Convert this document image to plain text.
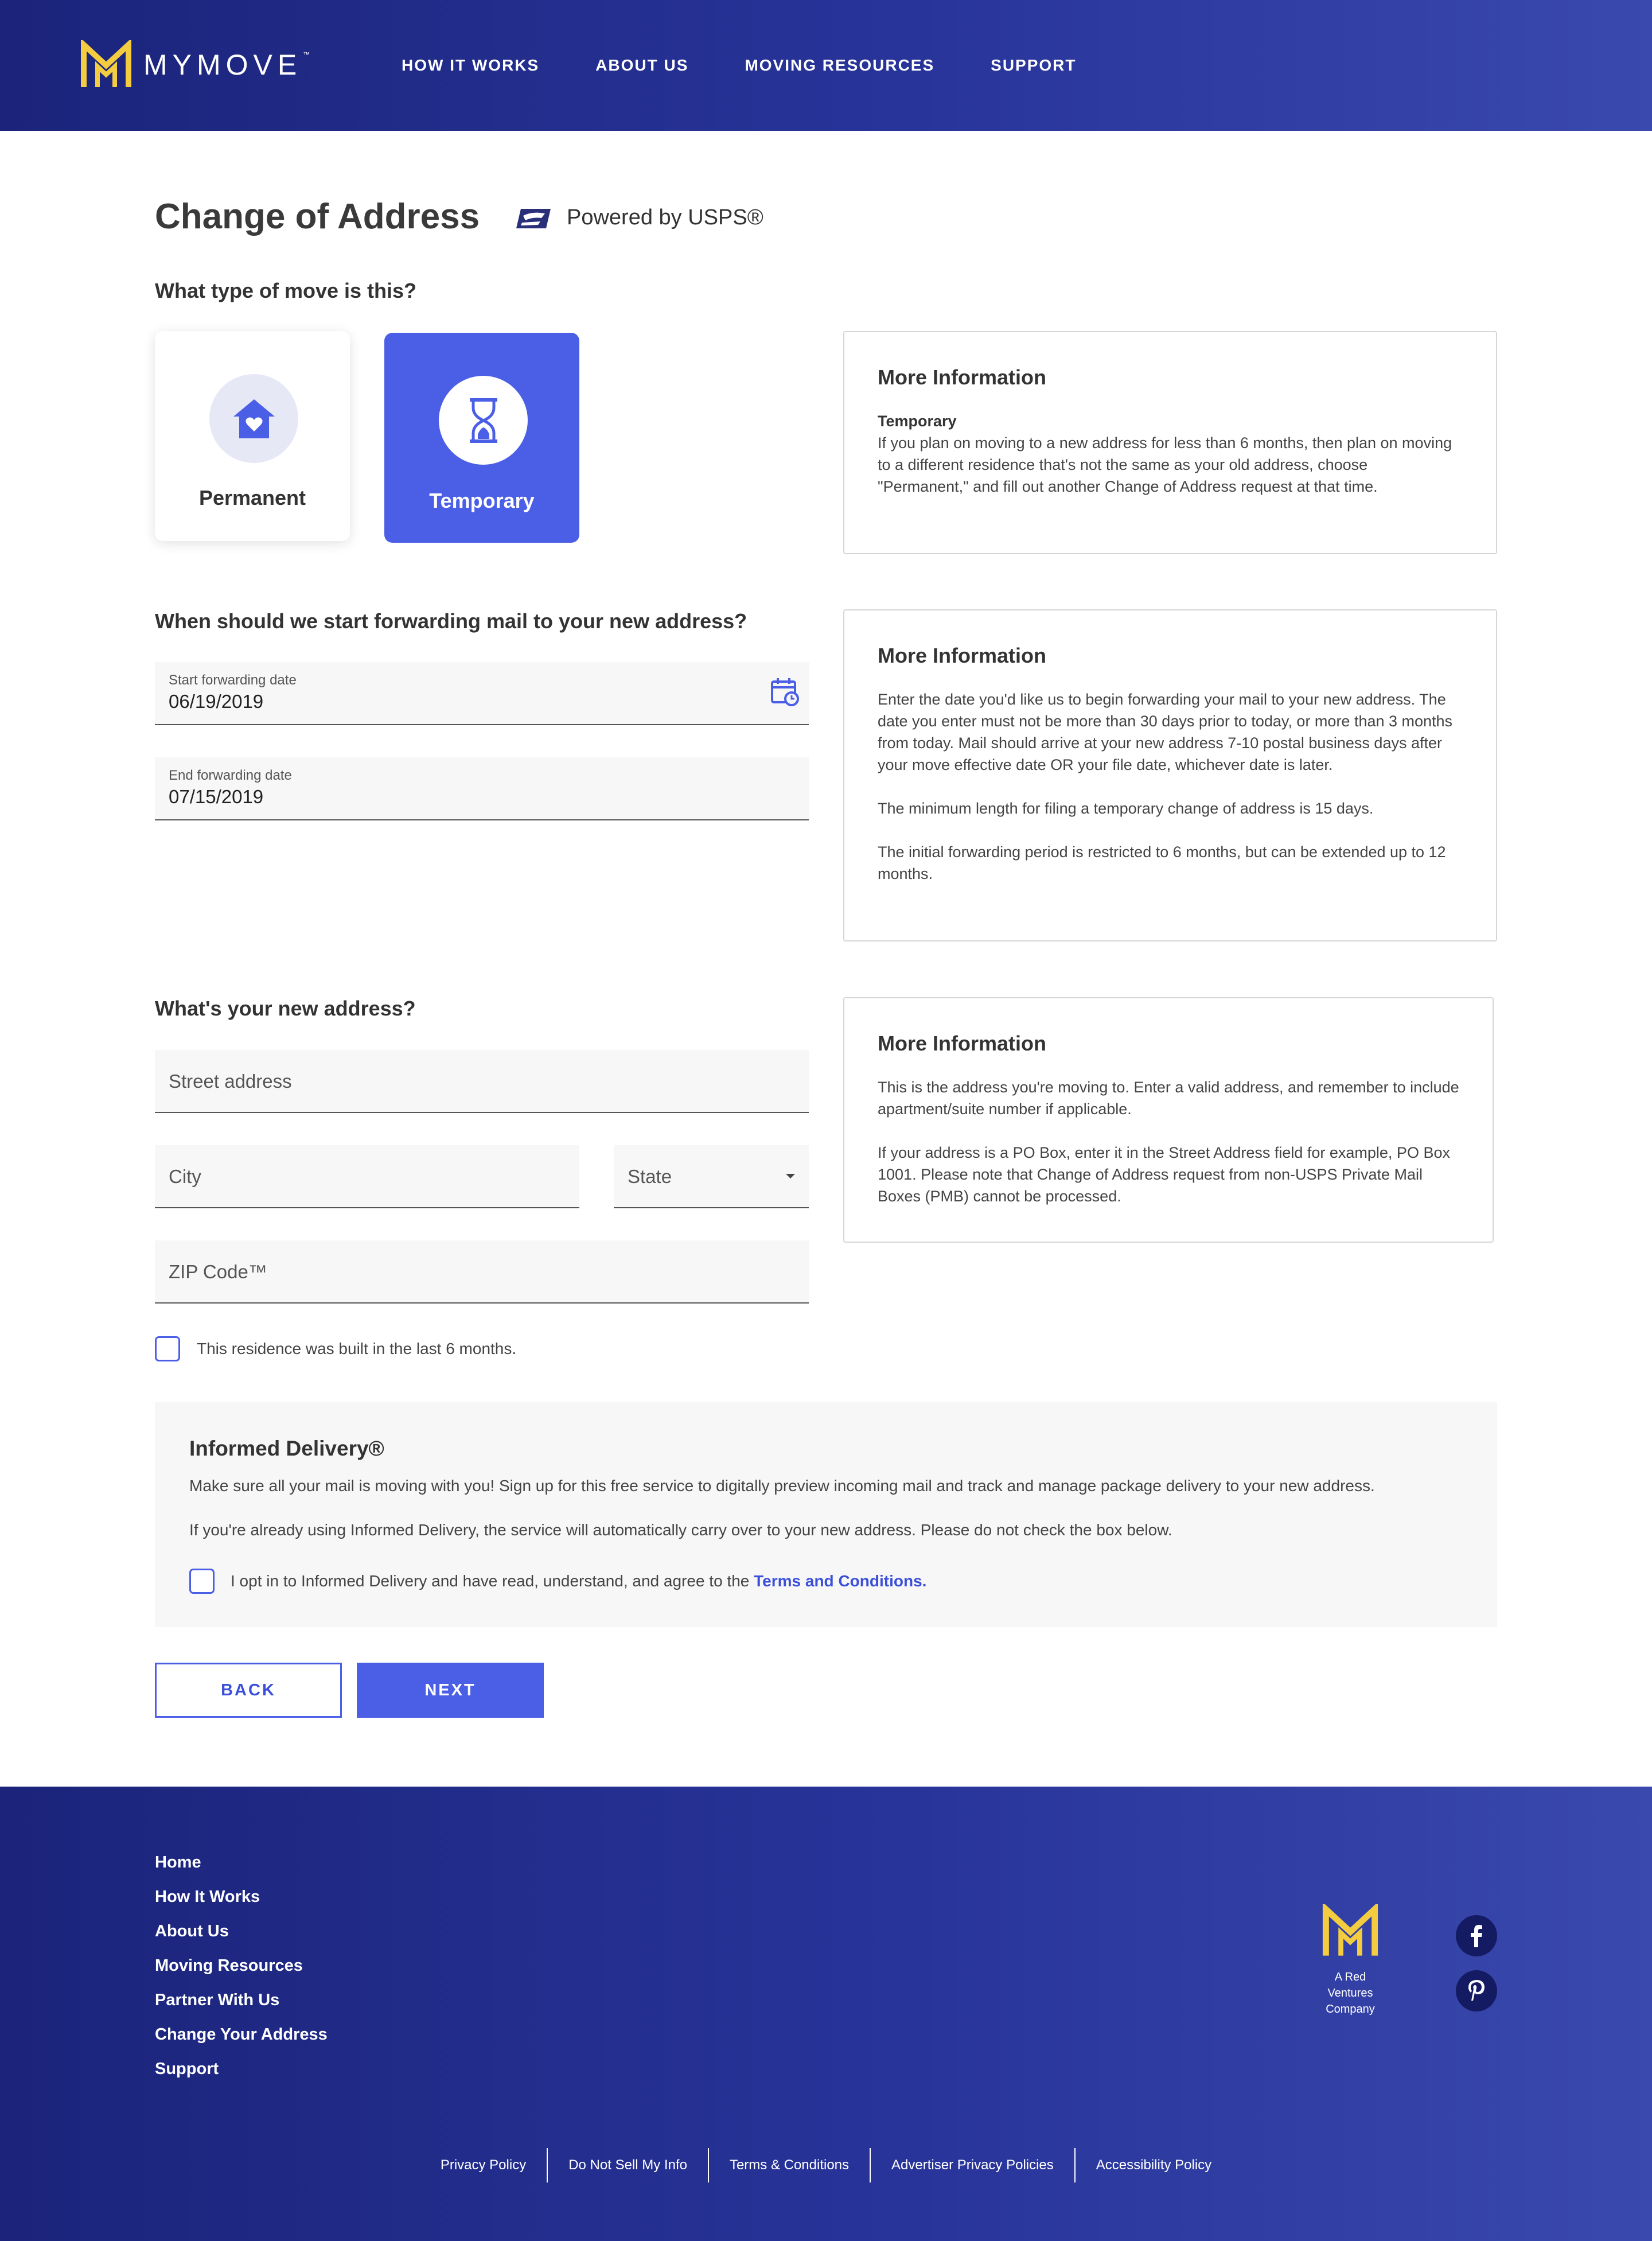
MYMOVE ™
HOW IT WORKS	ABOUT US	MOVING RESOURCES	SUPPORT
Change of Address	Powered by USPS®
What type of move is this?
Permanent	Temporary
More Information
Temporary

If you plan on moving to a new address for less than 6 months, then plan on moving to a different residence that's not the same as your old address, choose "Permanent," and fill out another Change of Address request at that time.

When should we start forwarding mail to your new address?
Start forwarding date
06/19/2019
End forwarding date
07/15/2019
More Information

Enter the date you'd like us to begin forwarding your mail to your new address. The date you enter must not be more than 30 days prior to today, or more than 3 months from today. Mail should arrive at your new address 7-10 postal business days after your move effective date OR your file date, whichever date is later.

The minimum length for filing a temporary change of address is 15 days.

The initial forwarding period is restricted to 6 months, but can be extended up to 12 months.

What's your new address?
Street address
City	State
ZIP Code™
This residence was built in the last 6 months.
More Information

This is the address you're moving to. Enter a valid address, and remember to include apartment/suite number if applicable.

If your address is a PO Box, enter it in the Street Address field for example, PO Box 1001. Please note that Change of Address request from non-USPS Private Mail Boxes (PMB) cannot be processed.

Informed Delivery®
Make sure all your mail is moving with you! Sign up for this free service to digitally preview incoming mail and track and manage package delivery to your new address.
If you're already using Informed Delivery, the service will automatically carry over to your new address. Please do not check the box below.
I opt in to Informed Delivery and have read, understand, and agree to the Terms and Conditions.
BACK	NEXT
Home
How It Works
About Us
Moving Resources
Partner With Us
Change Your Address
Support
A Red
Ventures
Company
Privacy Policy	Do Not Sell My Info	Terms & Conditions	Advertiser Privacy Policies	Accessibility Policy
